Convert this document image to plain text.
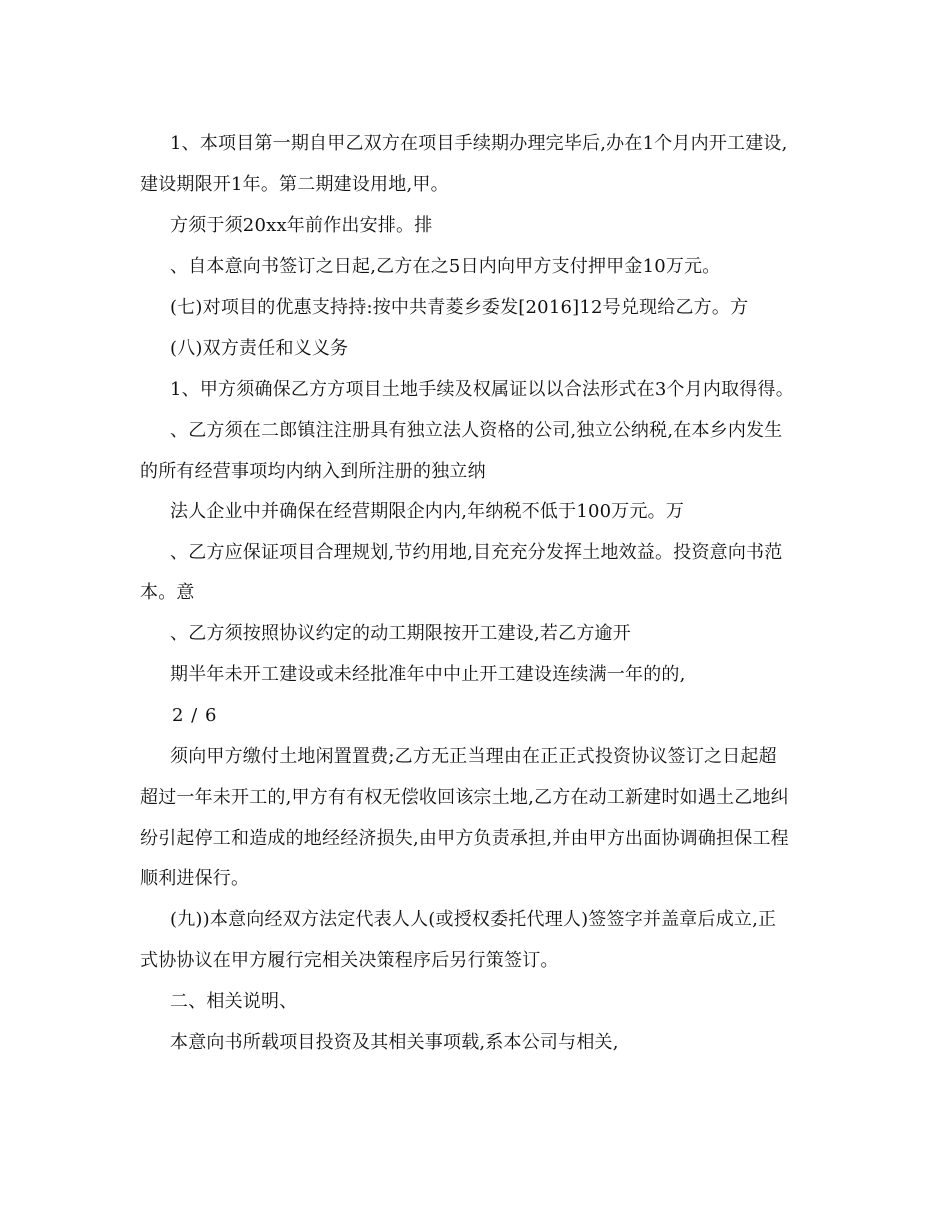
1、本项目第一期自甲乙双方在项目手续期办理完毕后,办在1个月内开工建设,
建设期限开1年。第二期建设用地,甲。
方须于须20xx年前作出安排。排
、自本意向书签订之日起,乙方在之5日内向甲方支付押甲金10万元。
(七)对项目的优惠支持持:按中共青菱乡委发[2016]12号兑现给乙方。方
(八)双方责任和义义务
1、甲方须确保乙方方项目土地手续及权属证以以合法形式在3个月内取得得。
、乙方须在二郎镇注注册具有独立法人资格的公司,独立公纳税,在本乡内发生
的所有经营事项均内纳入到所注册的独立纳
法人企业中并确保在经营期限企内内,年纳税不低于100万元。万
、乙方应保证项目合理规划,节约用地,目充充分发挥土地效益。投资意向书范
本。意
、乙方须按照协议约定的动工期限按开工建设,若乙方逾开
期半年未开工建设或未经批准年中中止开工建设连续满一年的的,
2 / 6
须向甲方缴付土地闲置置费;乙方无正当理由在正正式投资协议签订之日起超
超过一年未开工的,甲方有有权无偿收回该宗土地,乙方在动工新建时如遇土乙地纠
纷引起停工和造成的地经经济损失,由甲方负责承担,并由甲方出面协调确担保工程
顺利进保行。
(九))本意向经双方法定代表人人(或授权委托代理人)签签字并盖章后成立,正
式协协议在甲方履行完相关决策程序后另行策签订。
二、相关说明、
本意向书所载项目投资及其相关事项载,系本公司与相关,
